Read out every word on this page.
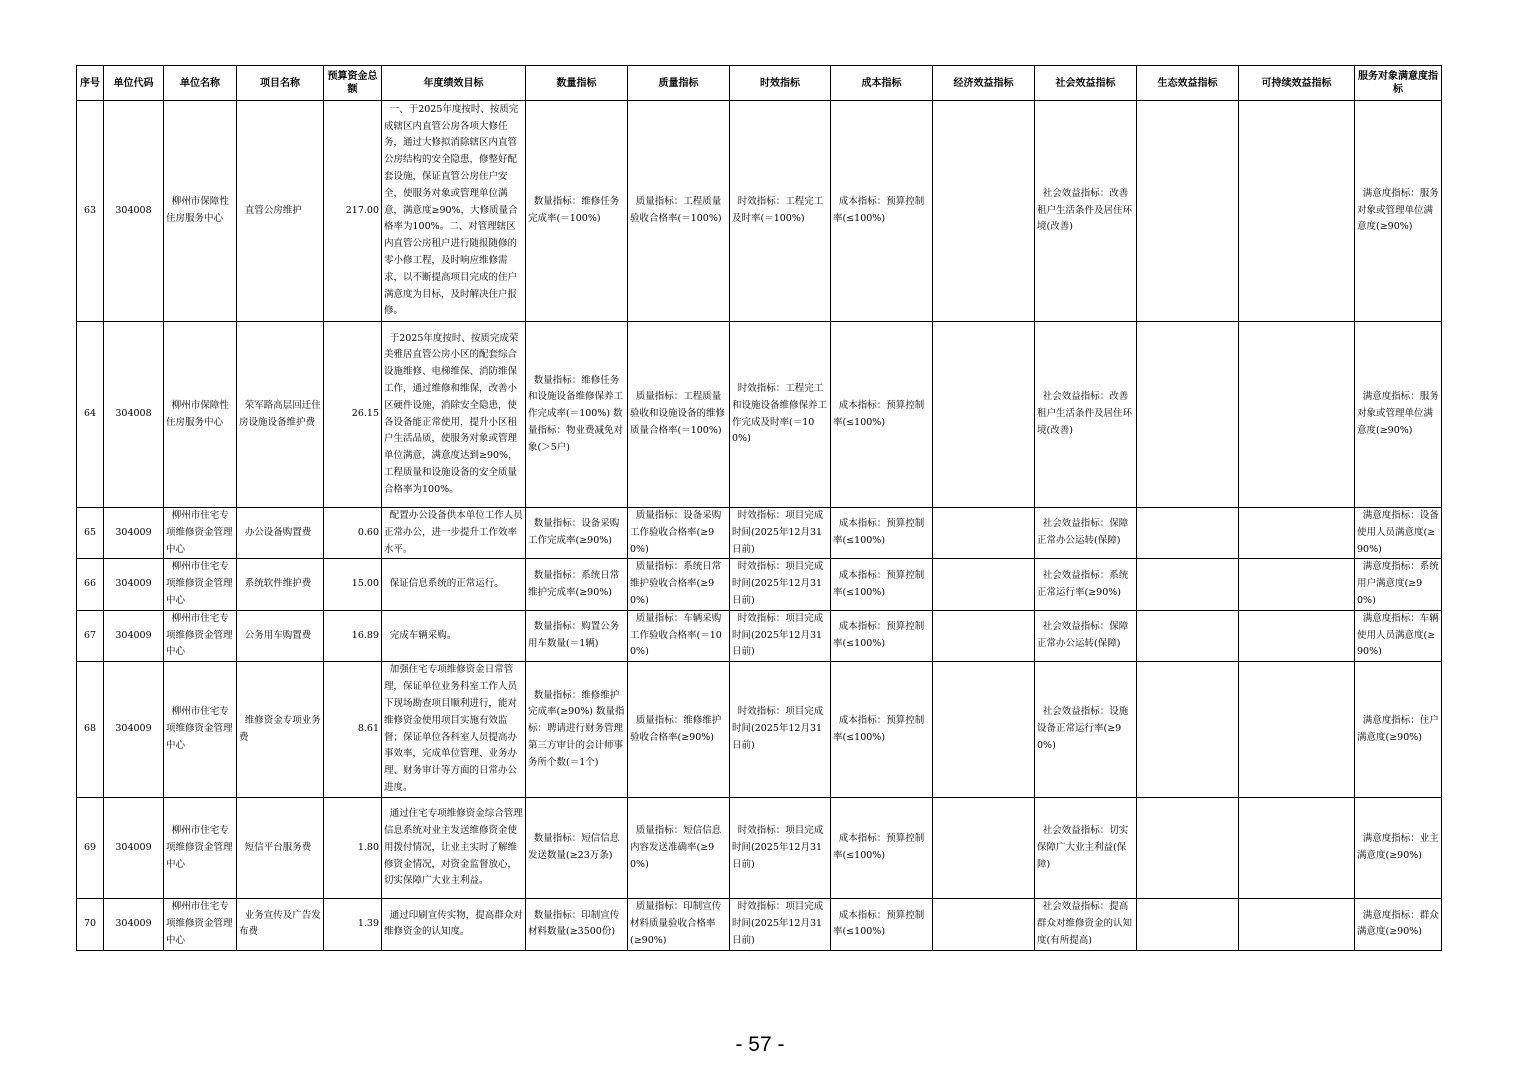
序号	单位代码	单位名称	项目名称	预算资金总额	年度绩效目标	数量指标	质量指标	时效指标	成本指标	经济效益指标	社会效益指标	生态效益指标	可持续效益指标	服务对象满意度指标
63	304008	柳州市保障性住房服务中心	直管公房维护	217.00	一、于2025年度按时、按质完成辖区内直管公房各项大修任务，通过大修拟消除辖区内直管公房结构的安全隐患，修整好配套设施，保证直管公房住户安全，使服务对象或管理单位满意，满意度≥90%，大修质量合格率为100%。二、对管理辖区内直管公房租户进行随报随修的零小修工程，及时响应维修需求，以不断提高项目完成的住户满意度为目标，及时解决住户报修。	数量指标：维修任务完成率(＝100%)	质量指标：工程质量验收合格率(＝100%)	时效指标：工程完工及时率(＝100%)	成本指标：预算控制率(≤100%)		社会效益指标：改善租户生活条件及居住环境(改善)			满意度指标：服务对象或管理单位满意度(≥90%)
64	304008	柳州市保障性住房服务中心	荣军路高层回迁住房设施设备维护费	26.15	于2025年度按时、按质完成荣美雅居直管公房小区的配套综合设施维修、电梯维保、消防维保工作，通过维修和维保，改善小区硬件设施，消除安全隐患，使各设备能正常使用，提升小区租户生活品质，使服务对象或管理单位满意，满意度达到≥90%，工程质量和设施设备的安全质量合格率为100%。	数量指标：维修任务和设施设备维修保养工作完成率(＝100%) 数量指标：物业费减免对象(＞5户)	质量指标：工程质量验收和设施设备的维修质量合格率(＝100%)	时效指标：工程完工和设施设备维修保养工作完成及时率(＝100%)	成本指标：预算控制率(≤100%)		社会效益指标：改善租户生活条件及居住环境(改善)			满意度指标：服务对象或管理单位满意度(≥90%)
65	304009	柳州市住宅专项维修资金管理中心	办公设备购置费	0.60	配置办公设备供本单位工作人员正常办公，进一步提升工作效率水平。	数量指标：设备采购工作完成率(≥90%)	质量指标：设备采购工作验收合格率(≥90%)	时效指标：项目完成时间(2025年12月31日前)	成本指标：预算控制率(≤100%)		社会效益指标：保障正常办公运转(保障)			满意度指标：设备使用人员满意度(≥90%)
66	304009	柳州市住宅专项维修资金管理中心	系统软件维护费	15.00	保证信息系统的正常运行。	数量指标：系统日常维护完成率(≥90%)	质量指标：系统日常维护验收合格率(≥90%)	时效指标：项目完成时间(2025年12月31日前)	成本指标：预算控制率(≤100%)		社会效益指标：系统正常运行率(≥90%)			满意度指标：系统用户满意度(≥90%)
67	304009	柳州市住宅专项维修资金管理中心	公务用车购置费	16.89	完成车辆采购。	数量指标：购置公务用车数量(＝1辆)	质量指标：车辆采购工作验收合格率(＝100%)	时效指标：项目完成时间(2025年12月31日前)	成本指标：预算控制率(≤100%)		社会效益指标：保障正常办公运转(保障)			满意度指标：车辆使用人员满意度(≥90%)
68	304009	柳州市住宅专项维修资金管理中心	维修资金专项业务费	8.61	加强住宅专项维修资金日常管理，保证单位业务科室工作人员下现场勘查项目顺利进行，能对维修资金使用项目实施有效监督；保证单位各科室人员提高办事效率，完成单位管理、业务办理、财务审计等方面的日常办公进度。	数量指标：维修维护完成率(≥90%) 数量指标：聘请进行财务管理第三方审计的会计师事务所个数(＝1个)	质量指标：维修维护验收合格率(≥90%)	时效指标：项目完成时间(2025年12月31日前)	成本指标：预算控制率(≤100%)		社会效益指标：设施设备正常运行率(≥90%)			满意度指标：住户满意度(≥90%)
69	304009	柳州市住宅专项维修资金管理中心	短信平台服务费	1.80	通过住宅专项维修资金综合管理信息系统对业主发送维修资金使用拨付情况，让业主实时了解维修资金情况，对资金监督放心，切实保障广大业主利益。	数量指标：短信信息发送数量(≥23万条)	质量指标：短信信息内容发送准确率(≥90%)	时效指标：项目完成时间(2025年12月31日前)	成本指标：预算控制率(≤100%)		社会效益指标：切实保障广大业主利益(保障)			满意度指标：业主满意度(≥90%)
70	304009	柳州市住宅专项维修资金管理中心	业务宣传及广告发布费	1.39	通过印刷宣传实物，提高群众对维修资金的认知度。	数量指标：印制宣传材料数量(≥3500份)	质量指标：印制宣传材料质量验收合格率(≥90%)	时效指标：项目完成时间(2025年12月31日前)	成本指标：预算控制率(≤100%)		社会效益指标：提高群众对维修资金的认知度(有所提高)			满意度指标：群众满意度(≥90%)
- 57 -
